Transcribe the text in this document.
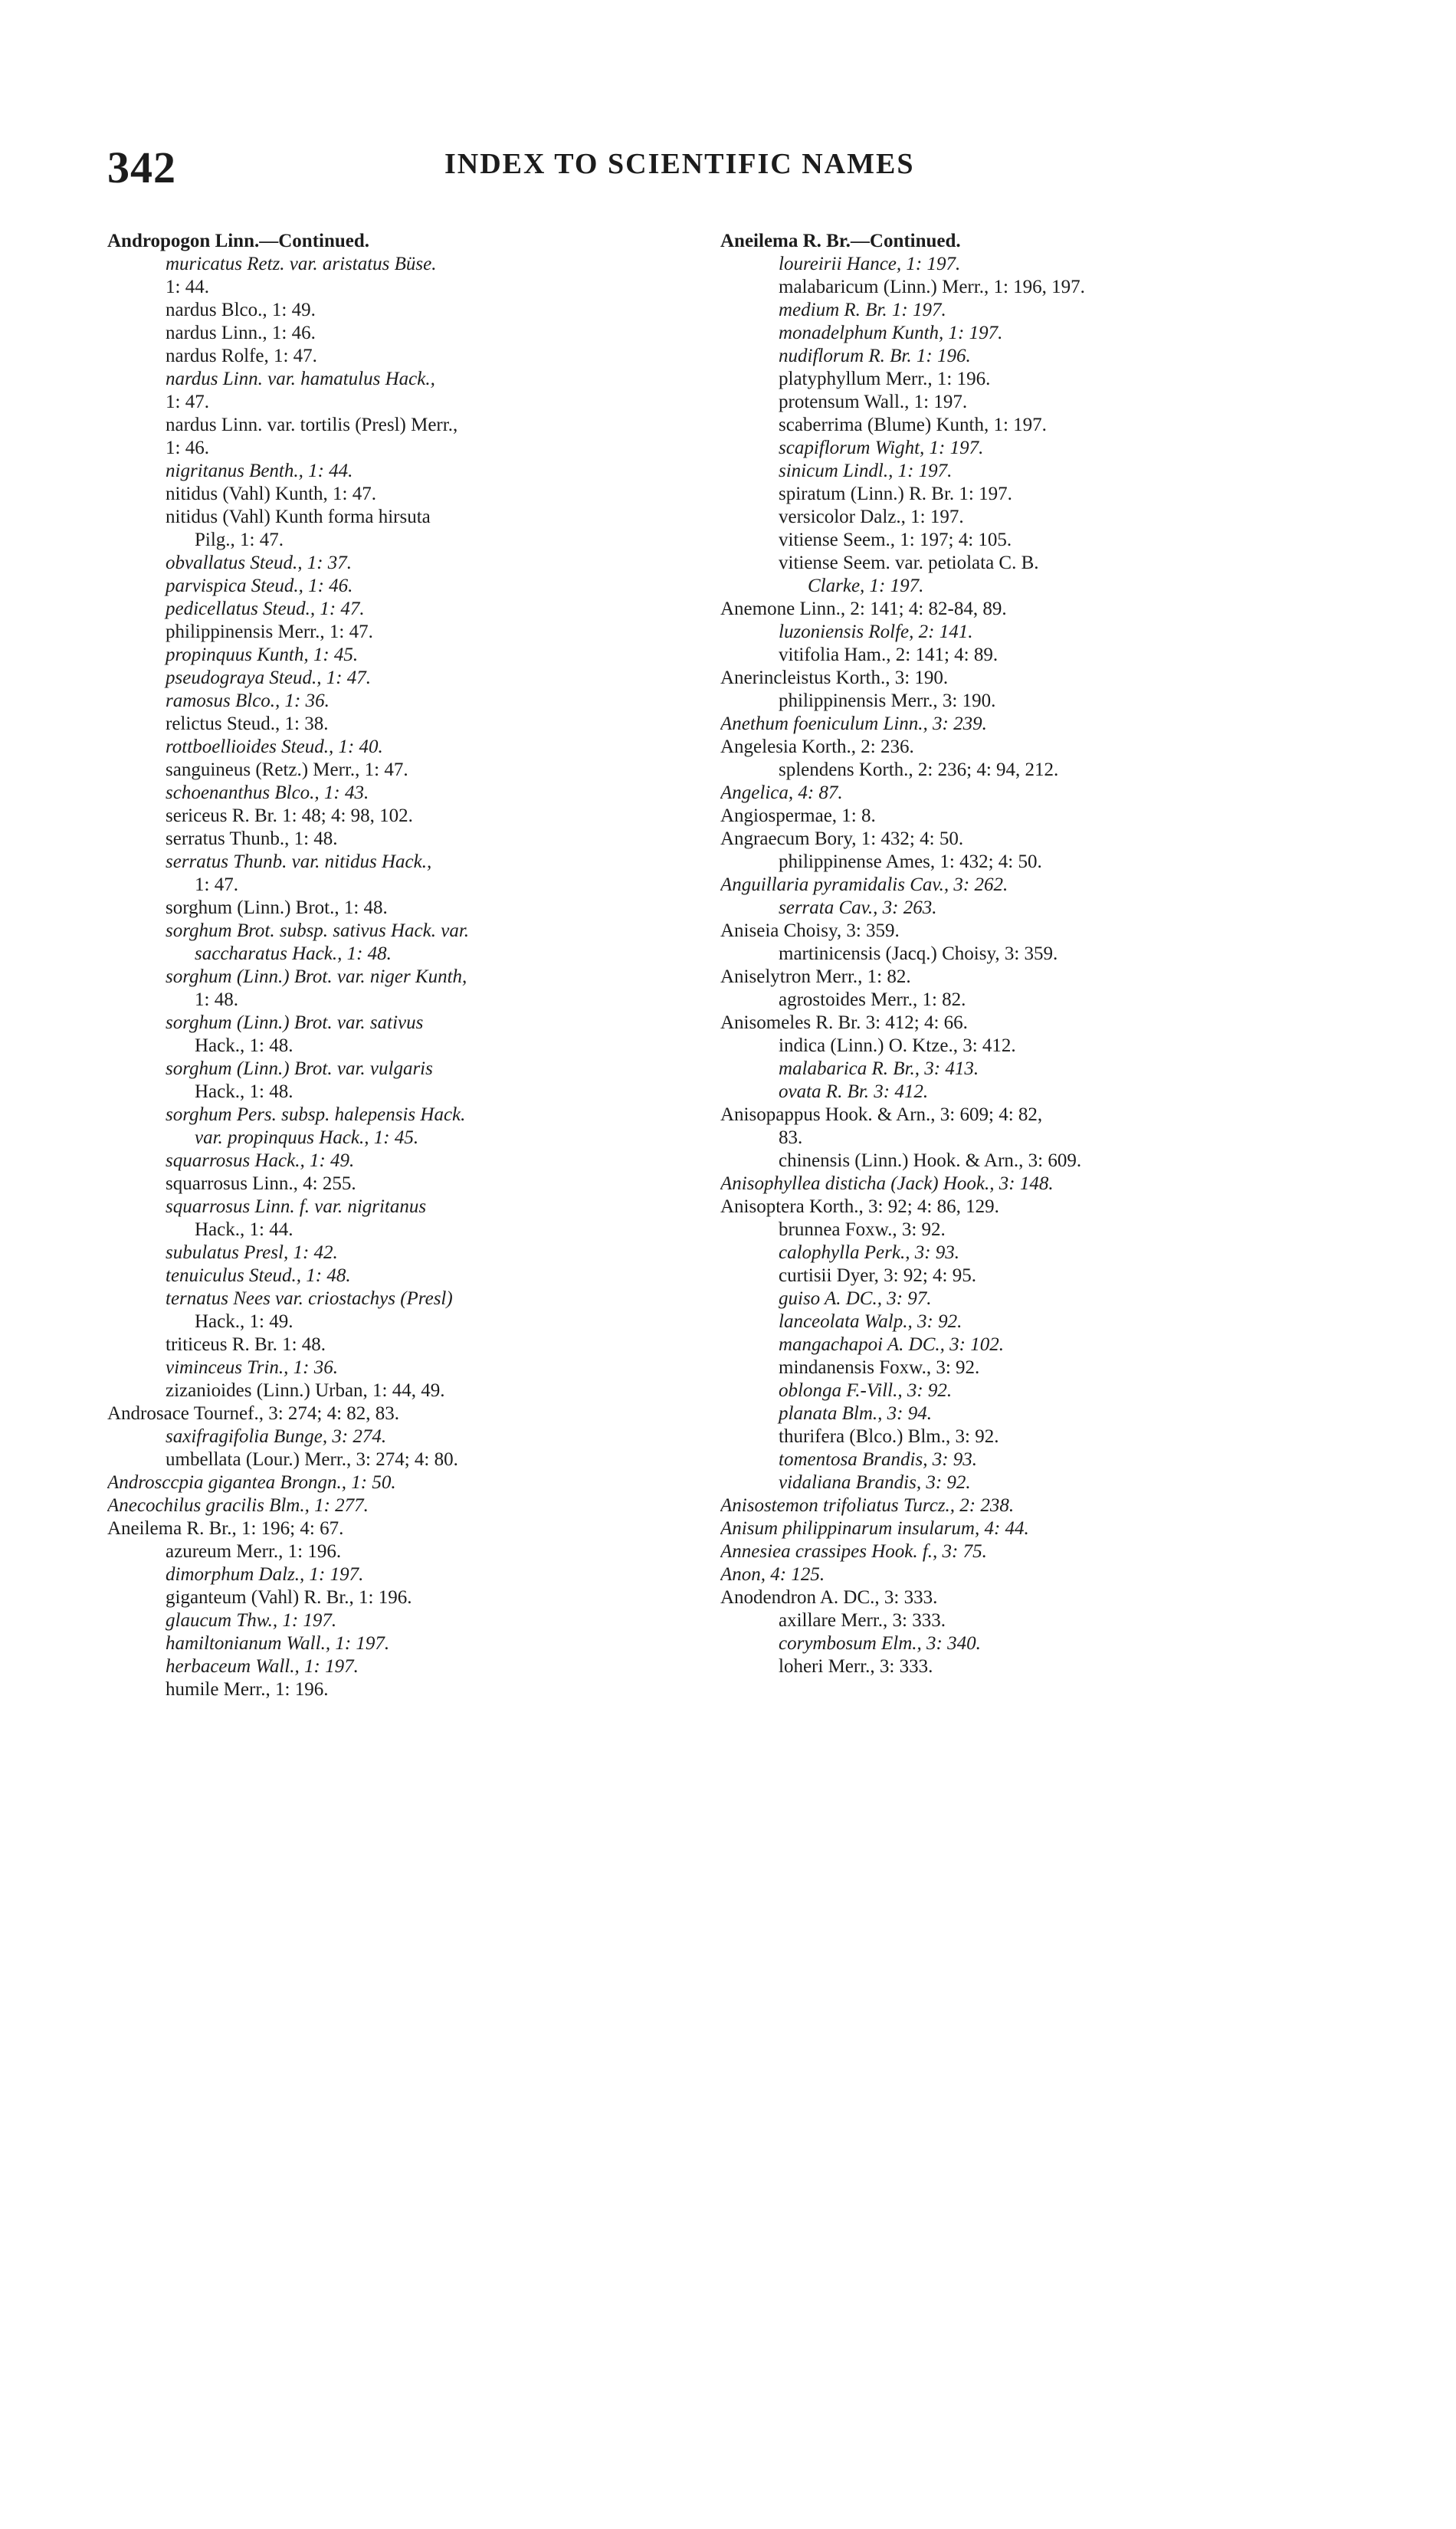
342	INDEX TO SCIENTIFIC NAMES
Andropogon Linn.—Continued.
muricatus Retz. var. aristatus Büse.
1: 44.
nardus Blco., 1: 49.
nardus Linn., 1: 46.
nardus Rolfe, 1: 47.
nardus Linn. var. hamatulus Hack.,
1: 47.
nardus Linn. var. tortilis (Presl) Merr.,
1: 46.
nigritanus Benth., 1: 44.
nitidus (Vahl) Kunth, 1: 47.
nitidus (Vahl) Kunth forma hirsuta
Pilg., 1: 47.
obvallatus Steud., 1: 37.
parvispica Steud., 1: 46.
pedicellatus Steud., 1: 47.
philippinensis Merr., 1: 47.
propinquus Kunth, 1: 45.
pseudograya Steud., 1: 47.
ramosus Blco., 1: 36.
relictus Steud., 1: 38.
rottboellioides Steud., 1: 40.
sanguineus (Retz.) Merr., 1: 47.
schoenanthus Blco., 1: 43.
sericeus R. Br. 1: 48; 4: 98, 102.
serratus Thunb., 1: 48.
serratus Thunb. var. nitidus Hack.,
1: 47.
sorghum (Linn.) Brot., 1: 48.
sorghum Brot. subsp. sativus Hack. var.
saccharatus Hack., 1: 48.
sorghum (Linn.) Brot. var. niger Kunth,
1: 48.
sorghum (Linn.) Brot. var. sativus
Hack., 1: 48.
sorghum (Linn.) Brot. var. vulgaris
Hack., 1: 48.
sorghum Pers. subsp. halepensis Hack.
var. propinquus Hack., 1: 45.
squarrosus Hack., 1: 49.
squarrosus Linn., 4: 255.
squarrosus Linn. f. var. nigritanus
Hack., 1: 44.
subulatus Presl, 1: 42.
tenuiculus Steud., 1: 48.
ternatus Nees var. criostachys (Presl)
Hack., 1: 49.
triticeus R. Br. 1: 48.
viminceus Trin., 1: 36.
zizanioides (Linn.) Urban, 1: 44, 49.
Androsace Tournef., 3: 274; 4: 82, 83.
saxifragifolia Bunge, 3: 274.
umbellata (Lour.) Merr., 3: 274; 4: 80.
Androsccpia gigantea Brongn., 1: 50.
Anecochilus gracilis Blm., 1: 277.
Aneilema R. Br., 1: 196; 4: 67.
azureum Merr., 1: 196.
dimorphum Dalz., 1: 197.
giganteum (Vahl) R. Br., 1: 196.
glaucum Thw., 1: 197.
hamiltonianum Wall., 1: 197.
herbaceum Wall., 1: 197.
humile Merr., 1: 196.
Aneilema R. Br.—Continued.
loureirii Hance, 1: 197.
malabaricum (Linn.) Merr., 1: 196, 197.
medium R. Br. 1: 197.
monadelphum Kunth, 1: 197.
nudiflorum R. Br. 1: 196.
platyphyllum Merr., 1: 196.
protensum Wall., 1: 197.
scaberrima (Blume) Kunth, 1: 197.
scapiflorum Wight, 1: 197.
sinicum Lindl., 1: 197.
spiratum (Linn.) R. Br. 1: 197.
versicolor Dalz., 1: 197.
vitiense Seem., 1: 197; 4: 105.
vitiense Seem. var. petiolata C. B.
Clarke, 1: 197.
Anemone Linn., 2: 141; 4: 82-84, 89.
luzoniensis Rolfe, 2: 141.
vitifolia Ham., 2: 141; 4: 89.
Anerincleistus Korth., 3: 190.
philippinensis Merr., 3: 190.
Anethum foeniculum Linn., 3: 239.
Angelesia Korth., 2: 236.
splendens Korth., 2: 236; 4: 94, 212.
Angelica, 4: 87.
Angiospermae, 1: 8.
Angraecum Bory, 1: 432; 4: 50.
philippinense Ames, 1: 432; 4: 50.
Anguillaria pyramidalis Cav., 3: 262.
serrata Cav., 3: 263.
Aniseia Choisy, 3: 359.
martinicensis (Jacq.) Choisy, 3: 359.
Aniselytron Merr., 1: 82.
agrostoides Merr., 1: 82.
Anisomeles R. Br. 3: 412; 4: 66.
indica (Linn.) O. Ktze., 3: 412.
malabarica R. Br., 3: 413.
ovata R. Br. 3: 412.
Anisopappus Hook. & Arn., 3: 609; 4: 82,
83.
chinensis (Linn.) Hook. & Arn., 3: 609.
Anisophyllea disticha (Jack) Hook., 3: 148.
Anisoptera Korth., 3: 92; 4: 86, 129.
brunnea Foxw., 3: 92.
calophylla Perk., 3: 93.
curtisii Dyer, 3: 92; 4: 95.
guiso A. DC., 3: 97.
lanceolata Walp., 3: 92.
mangachapoi A. DC., 3: 102.
mindanensis Foxw., 3: 92.
oblonga F.-Vill., 3: 92.
planata Blm., 3: 94.
thurifera (Blco.) Blm., 3: 92.
tomentosa Brandis, 3: 93.
vidaliana Brandis, 3: 92.
Anisostemon trifoliatus Turcz., 2: 238.
Anisum philippinarum insularum, 4: 44.
Annesiea crassipes Hook. f., 3: 75.
Anon, 4: 125.
Anodendron A. DC., 3: 333.
axillare Merr., 3: 333.
corymbosum Elm., 3: 340.
loheri Merr., 3: 333.
